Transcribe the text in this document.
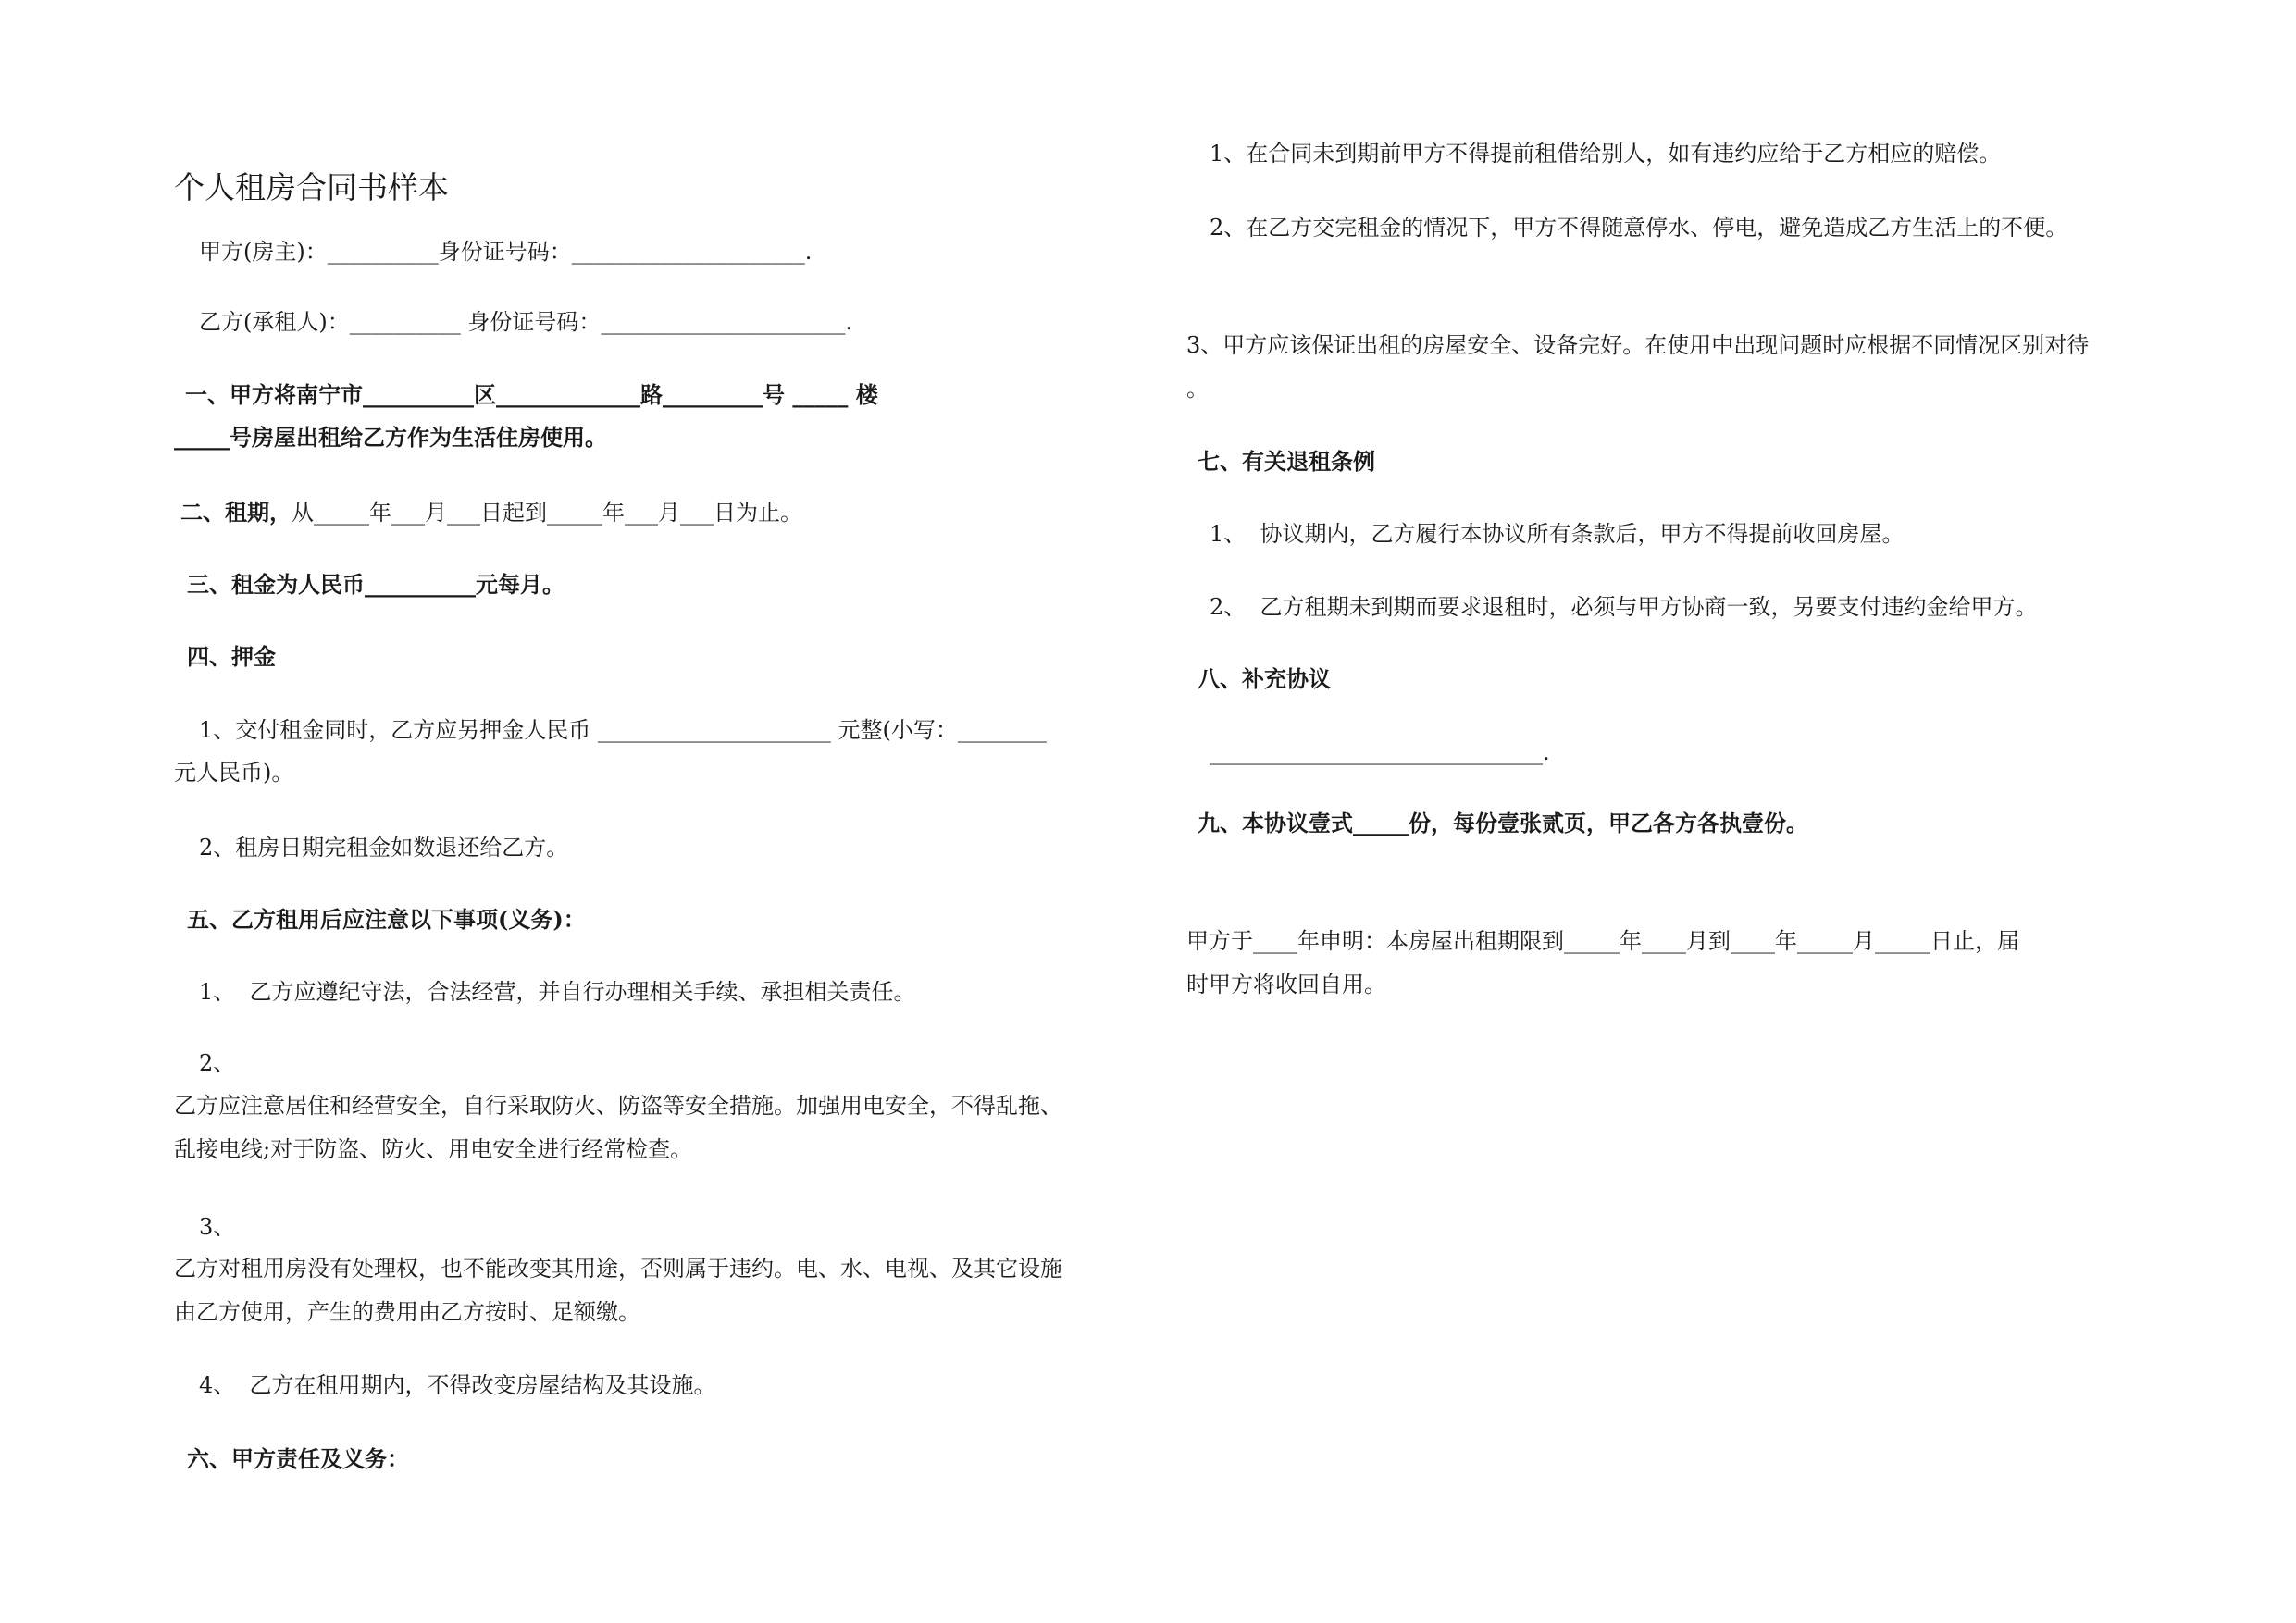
个人租房合同书样本
甲方(房主)：__________身份证号码：_____________________.
乙方(承租人)：__________ 身份证号码：______________________.
一、甲方将南宁市__________区_____________路_________号 _____ 楼
_____号房屋出租给乙方作为生活住房使用。
二、租期，从_____年___月___日起到_____年___月___日为止。
三、租金为人民币__________元每月。
四、押金
1、交付租金同时，乙方应另押金人民币 _____________________ 元整(小写：________
元人民币)。
2、租房日期完租金如数退还给乙方。
五、乙方租用后应注意以下事项(义务)：
1、  乙方应遵纪守法，合法经营，并自行办理相关手续、承担相关责任。
2、
乙方应注意居住和经营安全，自行采取防火、防盗等安全措施。加强用电安全，不得乱拖、
乱接电线;对于防盗、防火、用电安全进行经常检查。
3、
乙方对租用房没有处理权，也不能改变其用途，否则属于违约。电、水、电视、及其它设施
由乙方使用，产生的费用由乙方按时、足额缴。
4、  乙方在租用期内，不得改变房屋结构及其设施。
六、甲方责任及义务：
1、在合同未到期前甲方不得提前租借给别人，如有违约应给于乙方相应的赔偿。
2、在乙方交完租金的情况下，甲方不得随意停水、停电，避免造成乙方生活上的不便。
3、甲方应该保证出租的房屋安全、设备完好。在使用中出现问题时应根据不同情况区别对待
。
七、有关退租条例
1、  协议期内，乙方履行本协议所有条款后，甲方不得提前收回房屋。
2、  乙方租期未到期而要求退租时，必须与甲方协商一致，另要支付违约金给甲方。
八、补充协议
______________________________.
九、本协议壹式_____份，每份壹张贰页，甲乙各方各执壹份。
甲方于____年申明：本房屋出租期限到_____年____月到____年_____月_____日止，届
时甲方将收回自用。
